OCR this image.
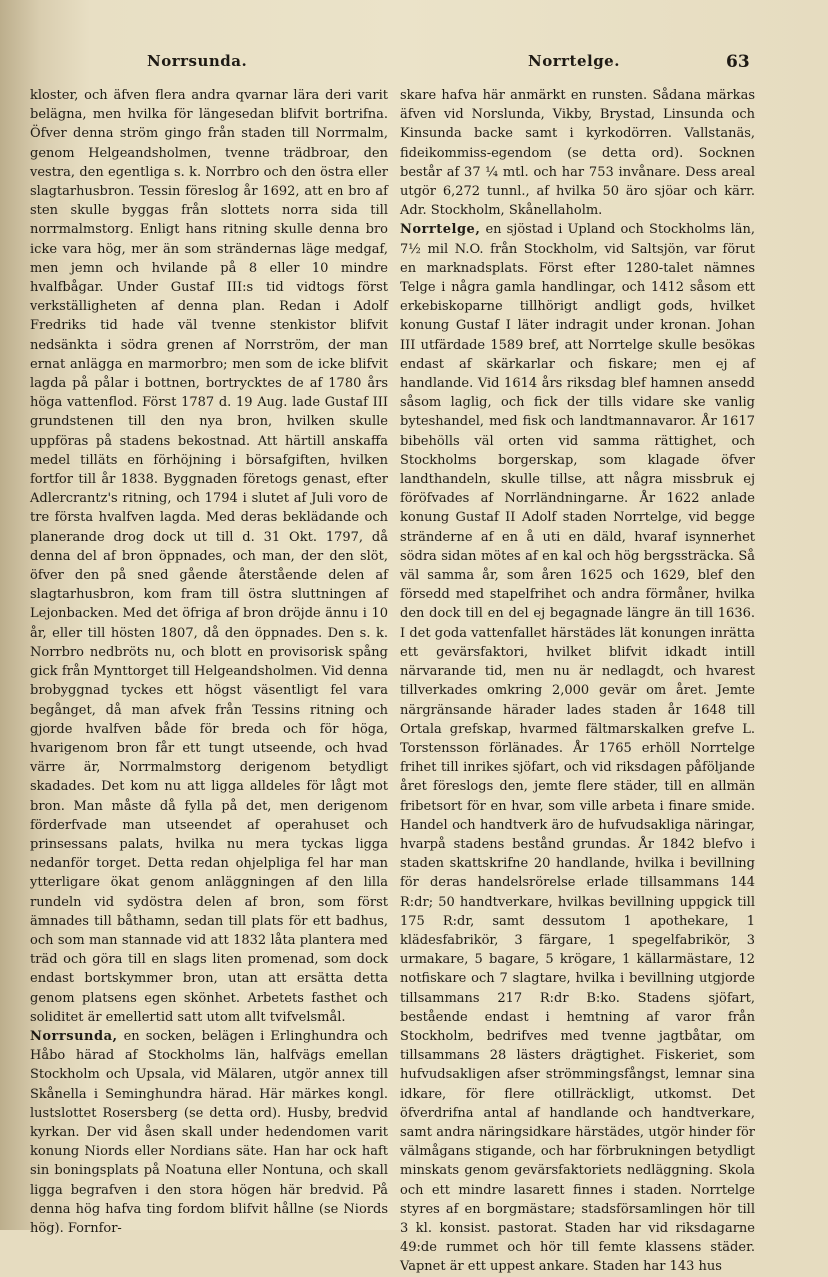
Norrsunda.	Norrtelge.	63

kloster, och äfven flera andra qvarnar lära deri varit belägna, men hvilka för längesedan blifvit bortrifna. Öfver denna ström gingo från staden till Norrmalm, genom Helgeandsholmen, tvenne trädbroar, den vestra, den egentliga s. k. Norrbro och den östra eller slagtarhusbron. Tessin föreslog år 1692, att en bro af sten skulle byggas från slottets norra sida till norrmalmstorg. Enligt hans ritning skulle denna bro icke vara hög, mer än som strändernas läge medgaf, men jemn och hvilande på 8 eller 10 mindre hvalfbågar. Under Gustaf III:s tid vidtogs först verkställigheten af denna plan. Redan i Adolf Fredriks tid hade väl tvenne stenkistor blifvit nedsänkta i södra grenen af Norrström, der man ernat anlägga en marmorbro; men som de icke blifvit lagda på pålar i bottnen, bortrycktes de af 1780 års höga vattenflod. Först 1787 d. 19 Aug. lade Gustaf III grundstenen till den nya bron, hvilken skulle uppföras på stadens bekostnad. Att härtill anskaffa medel tilläts en förhöjning i börsafgiften, hvilken fortfor till år 1838. Byggnaden företogs genast, efter Adlercrantz's ritning, och 1794 i slutet af Juli voro de tre första hvalfven lagda. Med deras beklädande och planerande drog dock ut till d. 31 Okt. 1797, då denna del af bron öppnades, och man, der den slöt, öfver den på sned gående återstående delen af slagtarhusbron, kom fram till östra sluttningen af Lejonbacken. Med det öfriga af bron dröjde ännu i 10 år, eller till hösten 1807, då den öppnades. Den s. k. Norrbro nedbröts nu, och blott en provisorisk spång gick från Mynttorget till Helgeandsholmen. Vid denna brobyggnad tyckes ett högst väsentligt fel vara begånget, då man afvek från Tessins ritning och gjorde hvalfven både för breda och för höga, hvarigenom bron får ett tungt utseende, och hvad värre är, Norrmalmstorg derigenom betydligt skadades. Det kom nu att ligga alldeles för lågt mot bron. Man måste då fylla på det, men derigenom förderfvade man utseendet af operahuset och prinsessans palats, hvilka nu mera tyckas ligga nedanför torget. Detta redan ohjelpliga fel har man ytterligare ökat genom anläggningen af den lilla rundeln vid sydöstra delen af bron, som först ämnades till båthamn, sedan till plats för ett badhus, och som man stannade vid att 1832 låta plantera med träd och göra till en slags liten promenad, som dock endast bortskymmer bron, utan att ersätta detta genom platsens egen skönhet. Arbetets fasthet och soliditet är emellertid satt utom allt tvifvelsmål.

Norrsunda, en socken, belägen i Erlinghundra och Håbo härad af Stockholms län, halfvägs emellan Stockholm och Upsala, vid Mälaren, utgör annex till Skånella i Seminghundra härad. Här märkes kongl. lustslottet Rosersberg (se detta ord). Husby, bredvid kyrkan. Der vid åsen skall under hedendomen varit konung Niords eller Nordians säte. Han har ock haft sin boningsplats på Noatuna eller Nontuna, och skall ligga begrafven i den stora högen här bredvid. På denna hög hafva ting fordom blifvit hållne (se Niords hög). Fornfor-

skare hafva här anmärkt en runsten. Sådana märkas äfven vid Norslunda, Vikby, Brystad, Linsunda och Kinsunda backe samt i kyrkodörren. Vallstanäs, fideikommiss-egendom (se detta ord). Socknen består af 37 ¼ mtl. och har 753 invånare. Dess areal utgör 6,272 tunnl., af hvilka 50 äro sjöar och kärr. Adr. Stockholm, Skånellaholm.

Norrtelge, en sjöstad i Upland och Stockholms län, 7½ mil N.O. från Stockholm, vid Saltsjön, var förut en marknadsplats. Först efter 1280-talet nämnes Telge i några gamla handlingar, och 1412 såsom ett erkebiskoparne tillhörigt andligt gods, hvilket konung Gustaf I läter indragit under kronan. Johan III utfärdade 1589 bref, att Norrtelge skulle besökas endast af skärkarlar och fiskare; men ej af handlande. Vid 1614 års riksdag blef hamnen ansedd såsom laglig, och fick der tills vidare ske vanlig byteshandel, med fisk och landtmannavaror. År 1617 bibehölls väl orten vid samma rättighet, och Stockholms borgerskap, som klagade öfver landthandeln, skulle tillse, att några missbruk ej föröfvades af Norrländningarne. År 1622 anlade konung Gustaf II Adolf staden Norrtelge, vid begge stränderne af en å uti en däld, hvaraf isynnerhet södra sidan mötes af en kal och hög bergssträcka. Så väl samma år, som åren 1625 och 1629, blef den försedd med stapelfrihet och andra förmåner, hvilka den dock till en del ej begagnade längre än till 1636. I det goda vattenfallet härstädes lät konungen inrätta ett gevärsfaktori, hvilket blifvit idkadt intill närvarande tid, men nu är nedlagdt, och hvarest tillverkades omkring 2,000 gevär om året. Jemte närgränsande härader lades staden år 1648 till Ortala grefskap, hvarmed fältmarskalken grefve L. Torstensson förlänades. År 1765 erhöll Norrtelge frihet till inrikes sjöfart, och vid riksdagen påföljande året föreslogs den, jemte flere städer, till en allmän fribetsort för en hvar, som ville arbeta i finare smide. Handel och handtverk äro de hufvudsakliga näringar, hvarpå stadens bestånd grundas. År 1842 blefvo i staden skattskrifne 20 handlande, hvilka i bevillning för deras handelsrörelse erlade tillsammans 144 R:dr; 50 handtverkare, hvilkas bevillning uppgick till 175 R:dr, samt dessutom 1 apothekare, 1 klädesfabrikör, 3 färgare, 1 spegelfabrikör, 3 urmakare, 5 bagare, 5 krögare, 1 källarmästare, 12 notfiskare och 7 slagtare, hvilka i bevillning utgjorde tillsammans 217 R:dr B:ko. Stadens sjöfart, bestående endast i hemtning af varor från Stockholm, bedrifves med tvenne jagtbåtar, om tillsammans 28 lästers drägtighet. Fiskeriet, som hufvudsakligen afser strömmingsfångst, lemnar sina idkare, för flere otillräckligt, utkomst. Det öfverdrifna antal af handlande och handtverkare, samt andra näringsidkare härstädes, utgör hinder för välmågans stigande, och har förbrukningen betydligt minskats genom gevärsfaktoriets nedläggning. Skola och ett mindre lasarett finnes i staden. Norrtelge styres af en borgmästare; stadsförsamlingen hör till 3 kl. konsist. pastorat. Staden har vid riksdagarne 49:de rummet och hör till femte klassens städer. Vapnet är ett uppest ankare. Staden har 143 hus
